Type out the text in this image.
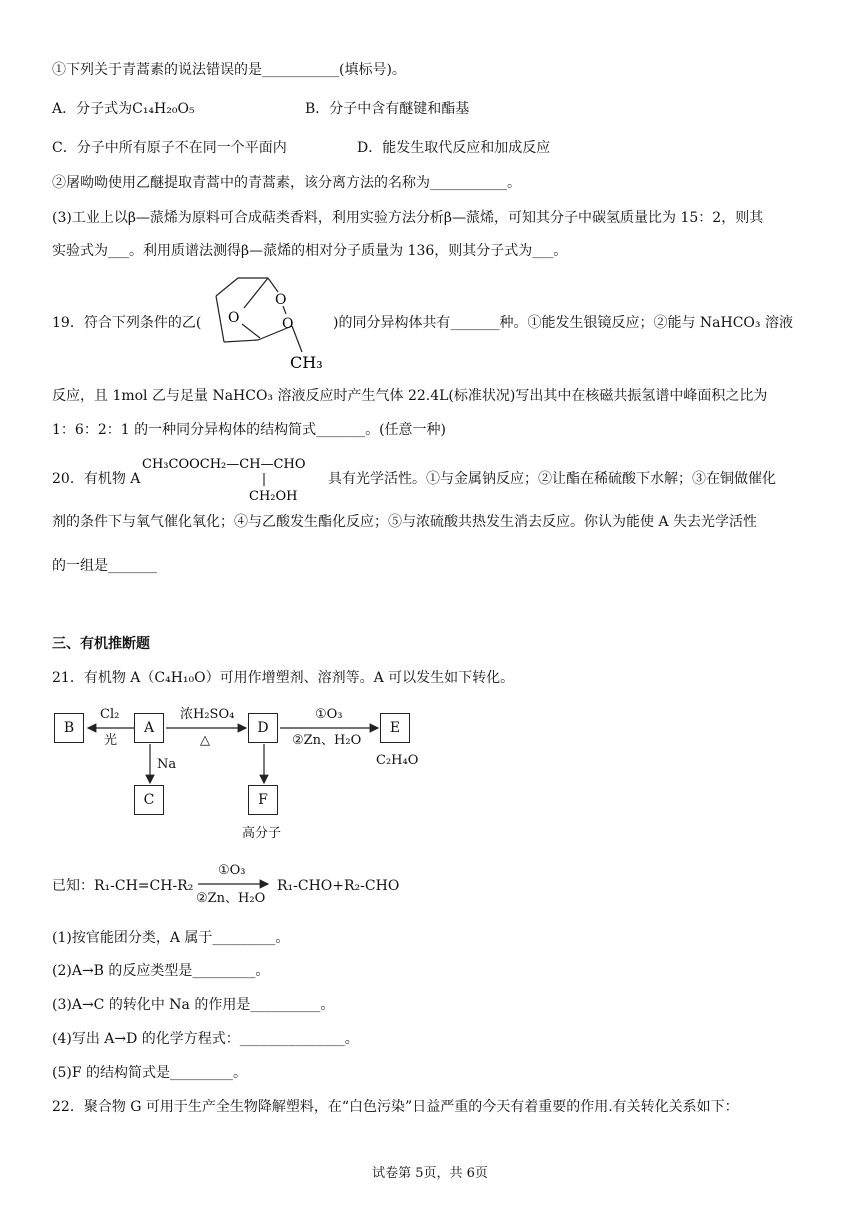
①下列关于青蒿素的说法错误的是___________(填标号)。
A．分子式为C₁₄H₂₀O₅	B．分子中含有醚键和酯基
C．分子中所有原子不在同一个平面内	D．能发生取代反应和加成反应
②屠呦呦使用乙醚提取青蒿中的青蒿素，该分离方法的名称为___________。
(3)工业上以β—蒎烯为原料可合成萜类香料，利用实验方法分析β—蒎烯，可知其分子中碳氢质量比为 15：2，则其
实验式为___。利用质谱法测得β—蒎烯的相对分子质量为 136，则其分子式为___。
19．符合下列条件的乙(
O
O
O
CH₃
)的同分异构体共有_______种。①能发生银镜反应；②能与 NaHCO₃ 溶液
反应，且 1mol 乙与足量 NaHCO₃ 溶液反应时产生气体 22.4L(标准状况)写出其中在核磁共振氢谱中峰面积之比为
1：6：2：1 的一种同分异构体的结构简式_______。(任意一种)
20．有机物 A
CH₃COOCH₂—CH—CHO
CH₂OH
具有光学活性。①与金属钠反应；②让酯在稀硫酸下水解；③在铜做催化
剂的条件下与氧气催化氧化；④与乙酸发生酯化反应；⑤与浓硫酸共热发生消去反应。你认为能使 A 失去光学活性
的一组是_______
三、有机推断题
21．有机物 A（C₄H₁₀O）可用作增塑剂、溶剂等。A 可以发生如下转化。
B	A	D	E
C	F
Cl₂
光
浓H₂SO₄
△
①O₃
②Zn、H₂O
Na	C₂H₄O
高分子
已知：R₁-CH=CH-R₂
①O₃
②Zn、H₂O
R₁-CHO+R₂-CHO
(1)按官能团分类，A 属于_________。
(2)A→B 的反应类型是_________。
(3)A→C 的转化中 Na 的作用是__________。
(4)写出 A→D 的化学方程式：_______________。
(5)F 的结构简式是_________。
22．聚合物 G 可用于生产全生物降解塑料，在“白色污染”日益严重的今天有着重要的作用.有关转化关系如下：
试卷第 5页，共 6页
